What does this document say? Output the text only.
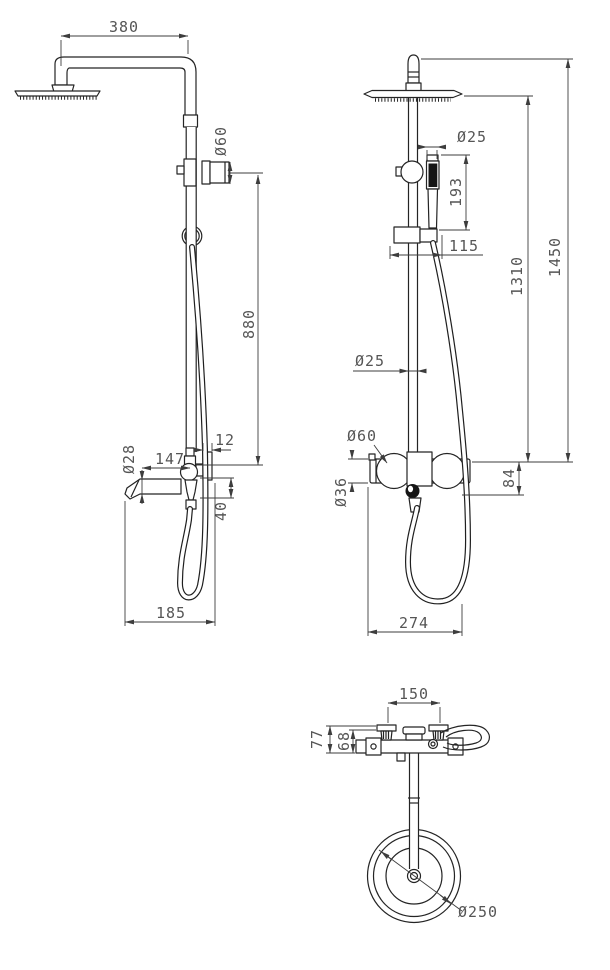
380
Ø60
880
12
147
Ø28
40
185
Ø25
193
115
Ø25
Ø60
Ø36	84
1310 1450
274
150
77 68
Ø250
